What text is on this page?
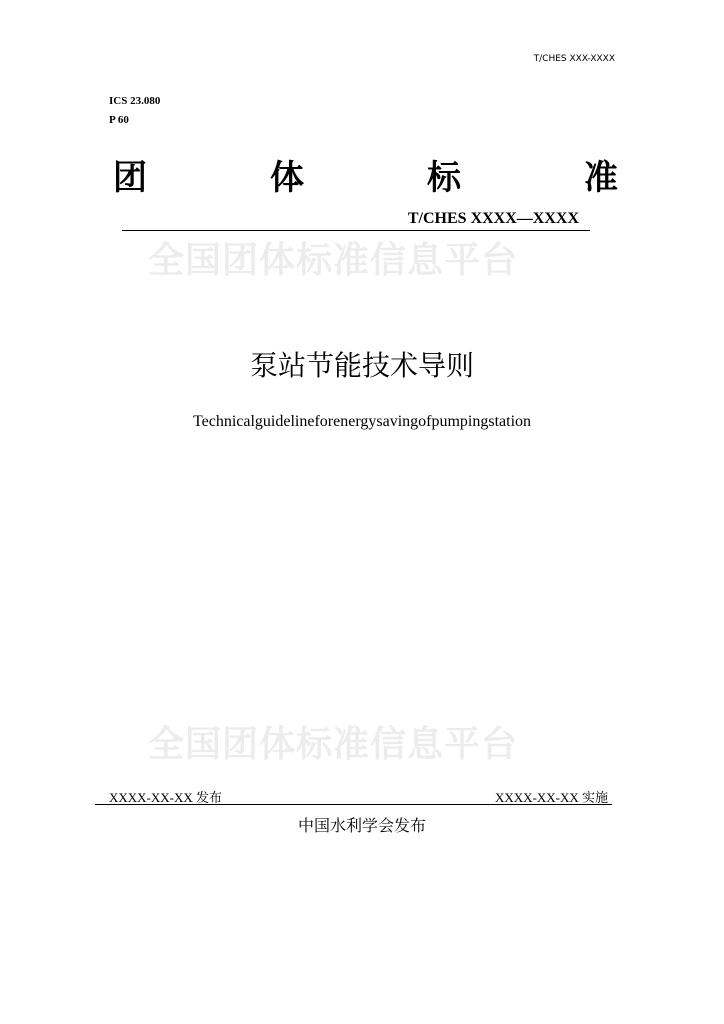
T/CHES XXX-XXXX
ICS 23.080
P 60
团	体	标	准
T/CHES XXXX—XXXX
全国团体标准信息平台
泵站节能技术导则
Technicalguidelineforenergysavingofpumpingstation
全国团体标准信息平台
XXXX-XX-XX 发布	XXXX-XX-XX 实施
中国水利学会发布
